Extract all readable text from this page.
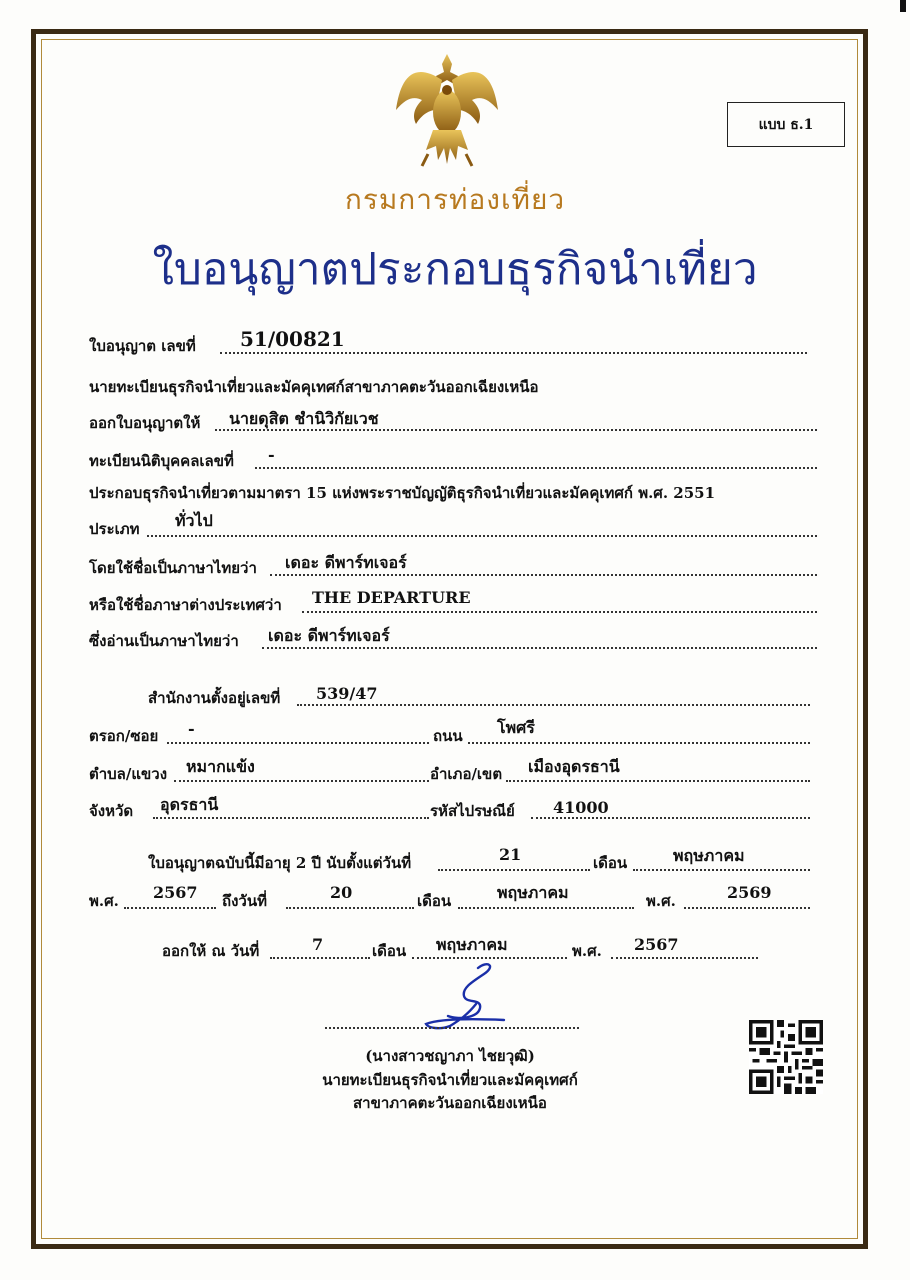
แบบ ธ.1
กรมการท่องเที่ยว
ใบอนุญาตประกอบธุรกิจนำเที่ยว
ใบอนุญาต เลขที่ 51/00821
นายทะเบียนธุรกิจนำเที่ยวและมัคคุเทศก์สาขาภาคตะวันออกเฉียงเหนือ
ออกใบอนุญาตให้ นายดุสิต ชำนิวิกัยเวช
ทะเบียนนิติบุคคลเลขที่ -
ประกอบธุรกิจนำเที่ยวตามมาตรา 15 แห่งพระราชบัญญัติธุรกิจนำเที่ยวและมัคคุเทศก์ พ.ศ. 2551
ประเภท ทั่วไป
โดยใช้ชื่อเป็นภาษาไทยว่า เดอะ ดีพาร์ทเจอร์
หรือใช้ชื่อภาษาต่างประเทศว่า THE DEPARTURE
ซึ่งอ่านเป็นภาษาไทยว่า เดอะ ดีพาร์ทเจอร์
สำนักงานตั้งอยู่เลขที่ 539/47
ตรอก/ซอย -	ถนน โพศรี
ตำบล/แขวง หมากแข้ง	อำเภอ/เขต เมืองอุดรธานี
จังหวัด อุดรธานี	รหัสไปรษณีย์ 41000
ใบอนุญาตฉบับนี้มีอายุ 2 ปี นับตั้งแต่วันที่	21	เดือน	พฤษภาคม
พ.ศ. 2567 ถึงวันที่	20	เดือน	พฤษภาคม	พ.ศ.	2569
ออกให้ ณ วันที่	7	เดือน พฤษภาคม	พ.ศ. 2567
(นางสาวชญาภา ไชยวุฒิ)
นายทะเบียนธุรกิจนำเที่ยวและมัคคุเทศก์
สาขาภาคตะวันออกเฉียงเหนือ
